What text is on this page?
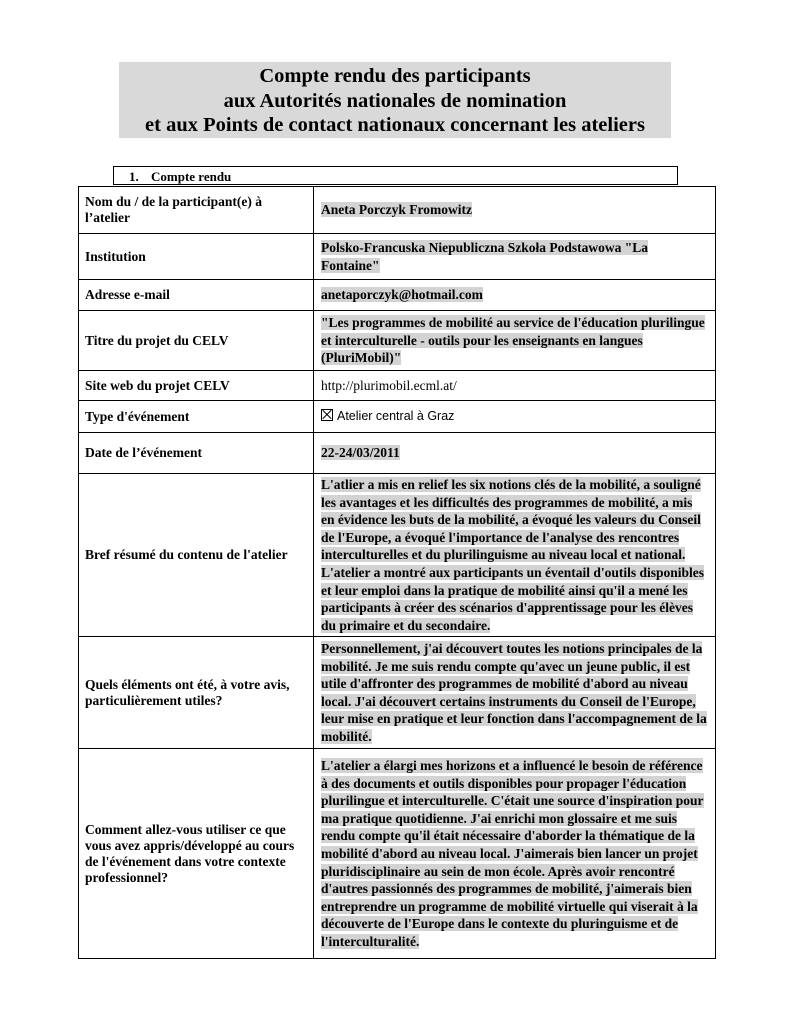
Compte rendu des participants
aux Autorités nationales de nomination
et aux Points de contact nationaux concernant les ateliers
1. Compte rendu
Nom du / de la participant(e) à l’atelier	Aneta Porczyk Fromowitz
Institution	Polsko-Francuska Niepubliczna Szkoła Podstawowa "La Fontaine"
Adresse e-mail	anetaporczyk@hotmail.com
Titre du projet du CELV	"Les programmes de mobilité au service de l'éducation plurilingue et interculturelle - outils pour les enseignants en langues (PluriMobil)"
Site web du projet CELV	http://plurimobil.ecml.at/
Type d'événement	Atelier central à Graz
Date de l’événement	22-24/03/2011
Bref résumé du contenu de l'atelier	L'atlier a mis en relief les six notions clés de la mobilité, a souligné les avantages et les difficultés des programmes de mobilité, a mis en évidence les buts de la mobilité, a évoqué les valeurs du Conseil de l'Europe, a évoqué l'importance de l'analyse des rencontres interculturelles et du plurilinguisme au niveau local et national. L'atelier a montré aux participants un éventail d'outils disponibles et leur emploi dans la pratique de mobilité ainsi qu'il a mené les participants à créer des scénarios d'apprentissage pour les élèves du primaire et du secondaire.
Quels éléments ont été, à votre avis, particulièrement utiles?	Personnellement, j'ai découvert toutes les notions principales de la mobilité. Je me suis rendu compte qu'avec un jeune public, il est utile d'affronter des programmes de mobilité d'abord au niveau local. J'ai découvert certains instruments du Conseil de l'Europe, leur mise en pratique et leur fonction dans l'accompagnement de la mobilité.
Comment allez-vous utiliser ce que vous avez appris/développé au cours de l'événement dans votre contexte professionnel?	L'atelier a élargi mes horizons et a influencé le besoin de référence à des documents et outils disponibles pour propager l'éducation plurilingue et interculturelle. C'était une source d'inspiration pour ma pratique quotidienne. J'ai enrichi mon glossaire et me suis rendu compte qu'il était nécessaire d'aborder la thématique de la mobilité d'abord au niveau local. J'aimerais bien lancer un projet pluridisciplinaire au sein de mon école. Après avoir rencontré d'autres passionnés des programmes de mobilité, j'aimerais bien entreprendre un programme de mobilité virtuelle qui viserait à la découverte de l'Europe dans le contexte du pluringuisme et de l'interculturalité.
